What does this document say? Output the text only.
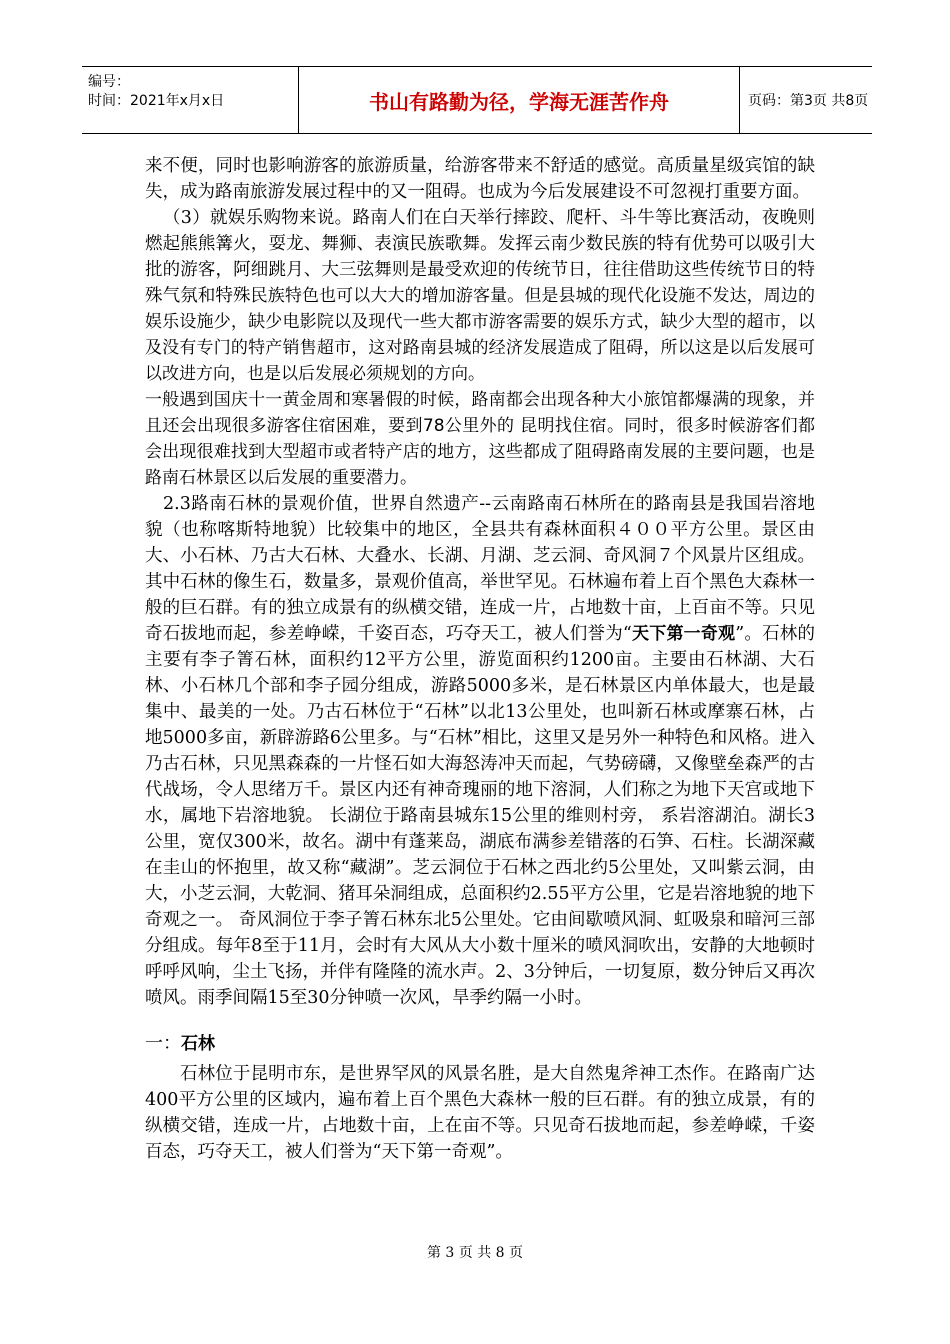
编号：
时间：2021年x月x日	书山有路勤为径，学海无涯苦作舟	页码：第3页 共8页

来不便，同时也影响游客的旅游质量，给游客带来不舒适的感觉。高质量星级宾馆的缺失，成为路南旅游发展过程中的又一阻碍。也成为今后发展建设不可忽视打重要方面。

（3）就娱乐购物来说。路南人们在白天举行摔跤、爬杆、斗牛等比赛活动，夜晚则燃起熊熊篝火，耍龙、舞狮、表演民族歌舞。发挥云南少数民族的特有优势可以吸引大批的游客，阿细跳月、大三弦舞则是最受欢迎的传统节日，往往借助这些传统节日的特殊气氛和特殊民族特色也可以大大的增加游客量。但是县城的现代化设施不发达，周边的娱乐设施少，缺少电影院以及现代一些大都市游客需要的娱乐方式，缺少大型的超市，以及没有专门的特产销售超市，这对路南县城的经济发展造成了阻碍，所以这是以后发展可以改进方向，也是以后发展必须规划的方向。

一般遇到国庆十一黄金周和寒暑假的时候，路南都会出现各种大小旅馆都爆满的现象，并且还会出现很多游客住宿困难，要到78公里外的 昆明找住宿。同时，很多时候游客们都会出现很难找到大型超市或者特产店的地方，这些都成了阻碍路南发展的主要问题，也是路南石林景区以后发展的重要潜力。

2.3路南石林的景观价值，世界自然遗产--云南路南石林所在的路南县是我国岩溶地貌（也称喀斯特地貌）比较集中的地区，全县共有森林面积４００平方公里。景区由大、小石林、乃古大石林、大叠水、长湖、月湖、芝云洞、奇风洞７个风景片区组成。其中石林的像生石，数量多，景观价值高，举世罕见。石林遍布着上百个黑色大森林一般的巨石群。有的独立成景有的纵横交错，连成一片，占地数十亩，上百亩不等。只见奇石拔地而起，参差峥嵘，千姿百态，巧夺天工，被人们誉为“天下第一奇观”。石林的主要有李子箐石林，面积约12平方公里，游览面积约1200亩。主要由石林湖、大石林、小石林几个部和李子园分组成，游路5000多米，是石林景区内单体最大，也是最集中、最美的一处。乃古石林位于“石林”以北13公里处，也叫新石林或摩寨石林，占地5000多亩，新辟游路6公里多。与“石林”相比，这里又是另外一种特色和风格。进入乃古石林，只见黑森森的一片怪石如大海怒涛冲天而起，气势磅礴，又像壁垒森严的古代战场，令人思绪万千。景区内还有神奇瑰丽的地下溶洞，人们称之为地下天宫或地下水，属地下岩溶地貌。 长湖位于路南县城东15公里的维则村旁， 系岩溶湖泊。湖长3公里，宽仅300米，故名。湖中有蓬莱岛，湖底布满参差错落的石笋、石柱。长湖深藏在圭山的怀抱里，故又称“藏湖”。芝云洞位于石林之西北约5公里处，又叫紫云洞，由大，小芝云洞，大乾洞、猪耳朵洞组成，总面积约2.55平方公里，它是岩溶地貌的地下奇观之一。 奇风洞位于李子箐石林东北5公里处。它由间歇喷风洞、虹吸泉和暗河三部分组成。每年8至于11月，会时有大风从大小数十厘米的喷风洞吹出，安静的大地顿时呼呼风响，尘土飞扬，并伴有隆隆的流水声。2、3分钟后，一切复原，数分钟后又再次喷风。雨季间隔15至30分钟喷一次风，旱季约隔一小时。

一：石林

石林位于昆明市东，是世界罕风的风景名胜，是大自然鬼斧神工杰作。在路南广达400平方公里的区域内，遍布着上百个黑色大森林一般的巨石群。有的独立成景，有的纵横交错，连成一片，占地数十亩，上在亩不等。只见奇石拔地而起，参差峥嵘，千姿百态，巧夺天工，被人们誉为“天下第一奇观”。

第 3 页 共 8 页
